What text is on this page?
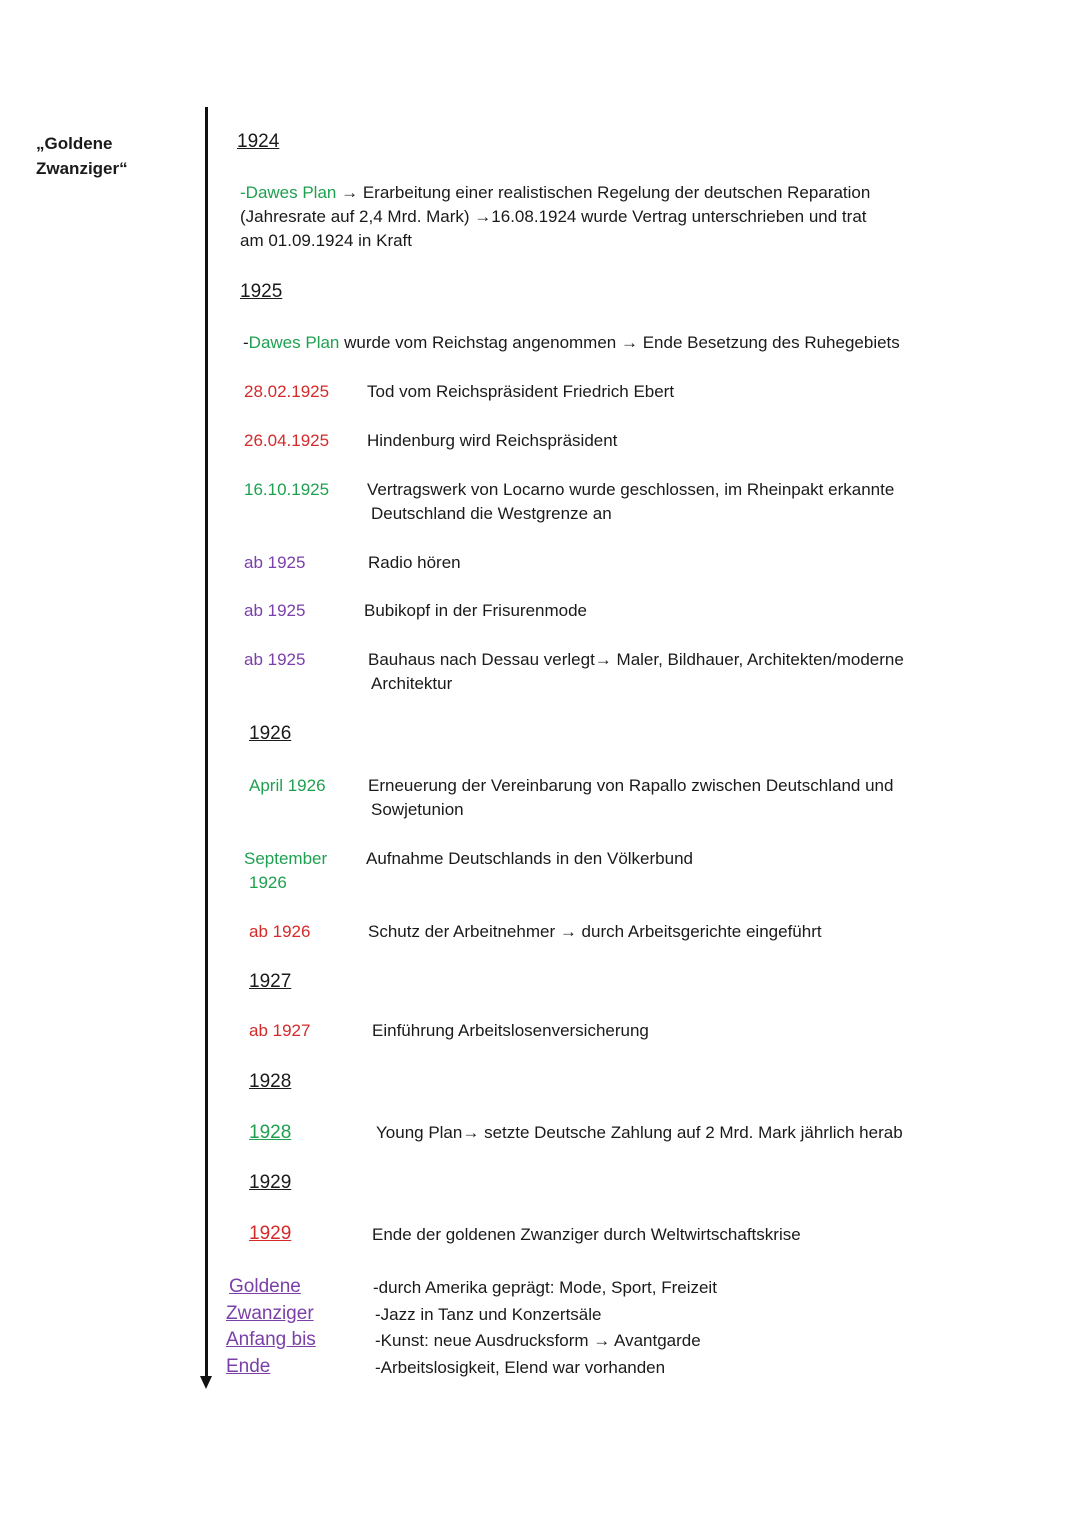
„Goldene
Zwanziger“
1924
-Dawes Plan → Erarbeitung einer realistischen Regelung der deutschen Reparation
(Jahresrate auf 2,4 Mrd. Mark) →16.08.1924 wurde Vertrag unterschrieben und trat
am 01.09.1924 in Kraft
1925
-Dawes Plan wurde vom Reichstag angenommen → Ende Besetzung des Ruhegebiets
28.02.1925 Tod vom Reichspräsident Friedrich Ebert
26.04.1925 Hindenburg wird Reichspräsident
16.10.1925 Vertragswerk von Locarno wurde geschlossen, im Rheinpakt erkannte
Deutschland die Westgrenze an
ab 1925	Radio hören
ab 1925	Bubikopf in der Frisurenmode
ab 1925	Bauhaus nach Dessau verlegt→ Maler, Bildhauer, Architekten/moderne
Architektur
1926
April 1926 Erneuerung der Vereinbarung von Rapallo zwischen Deutschland und
Sowjetunion
September
1926
Aufnahme Deutschlands in den Völkerbund
ab 1926	Schutz der Arbeitnehmer → durch Arbeitsgerichte eingeführt
1927
ab 1927	Einführung Arbeitslosenversicherung
1928
1928	Young Plan→ setzte Deutsche Zahlung auf 2 Mrd. Mark jährlich herab
1929
1929	Ende der goldenen Zwanziger durch Weltwirtschaftskrise
Goldene
Zwanziger
Anfang bis
Ende
-durch Amerika geprägt: Mode, Sport, Freizeit
-Jazz in Tanz und Konzertsäle
-Kunst: neue Ausdrucksform → Avantgarde
-Arbeitslosigkeit, Elend war vorhanden
